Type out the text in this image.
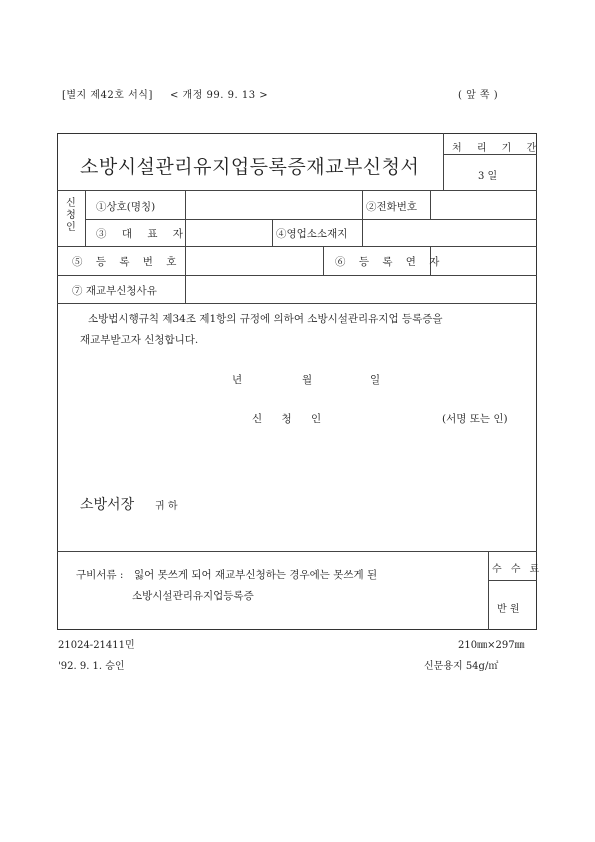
[별지 제42호 서식] < 개정 99. 9. 13 >	( 앞 쪽 )
소방시설관리유지업등록증재교부신청서
처 리 기 간
3 일
신청인
①상호(명칭)	②전화번호
③ 대 표 자	④영업소소재지
⑤ 등 록 번 호	⑥ 등 록 연 자
⑦ 재교부신청사유
소방법시행규칙 제34조 제1항의 규정에 의하여 소방시설관리유지업 등록증을
재교부받고자 신청합니다.
년	월	일
신 청 인	(서명 또는 인)
소방서장 귀 하
구비서류 : 잃어 못쓰게 되어 재교부신청하는 경우에는 못쓰게 된
소방시설관리유지업등록증
수 수 료
반 원
21024-21411민	210㎜×297㎜
'92. 9. 1. 승인	신문용지 54g/㎡
